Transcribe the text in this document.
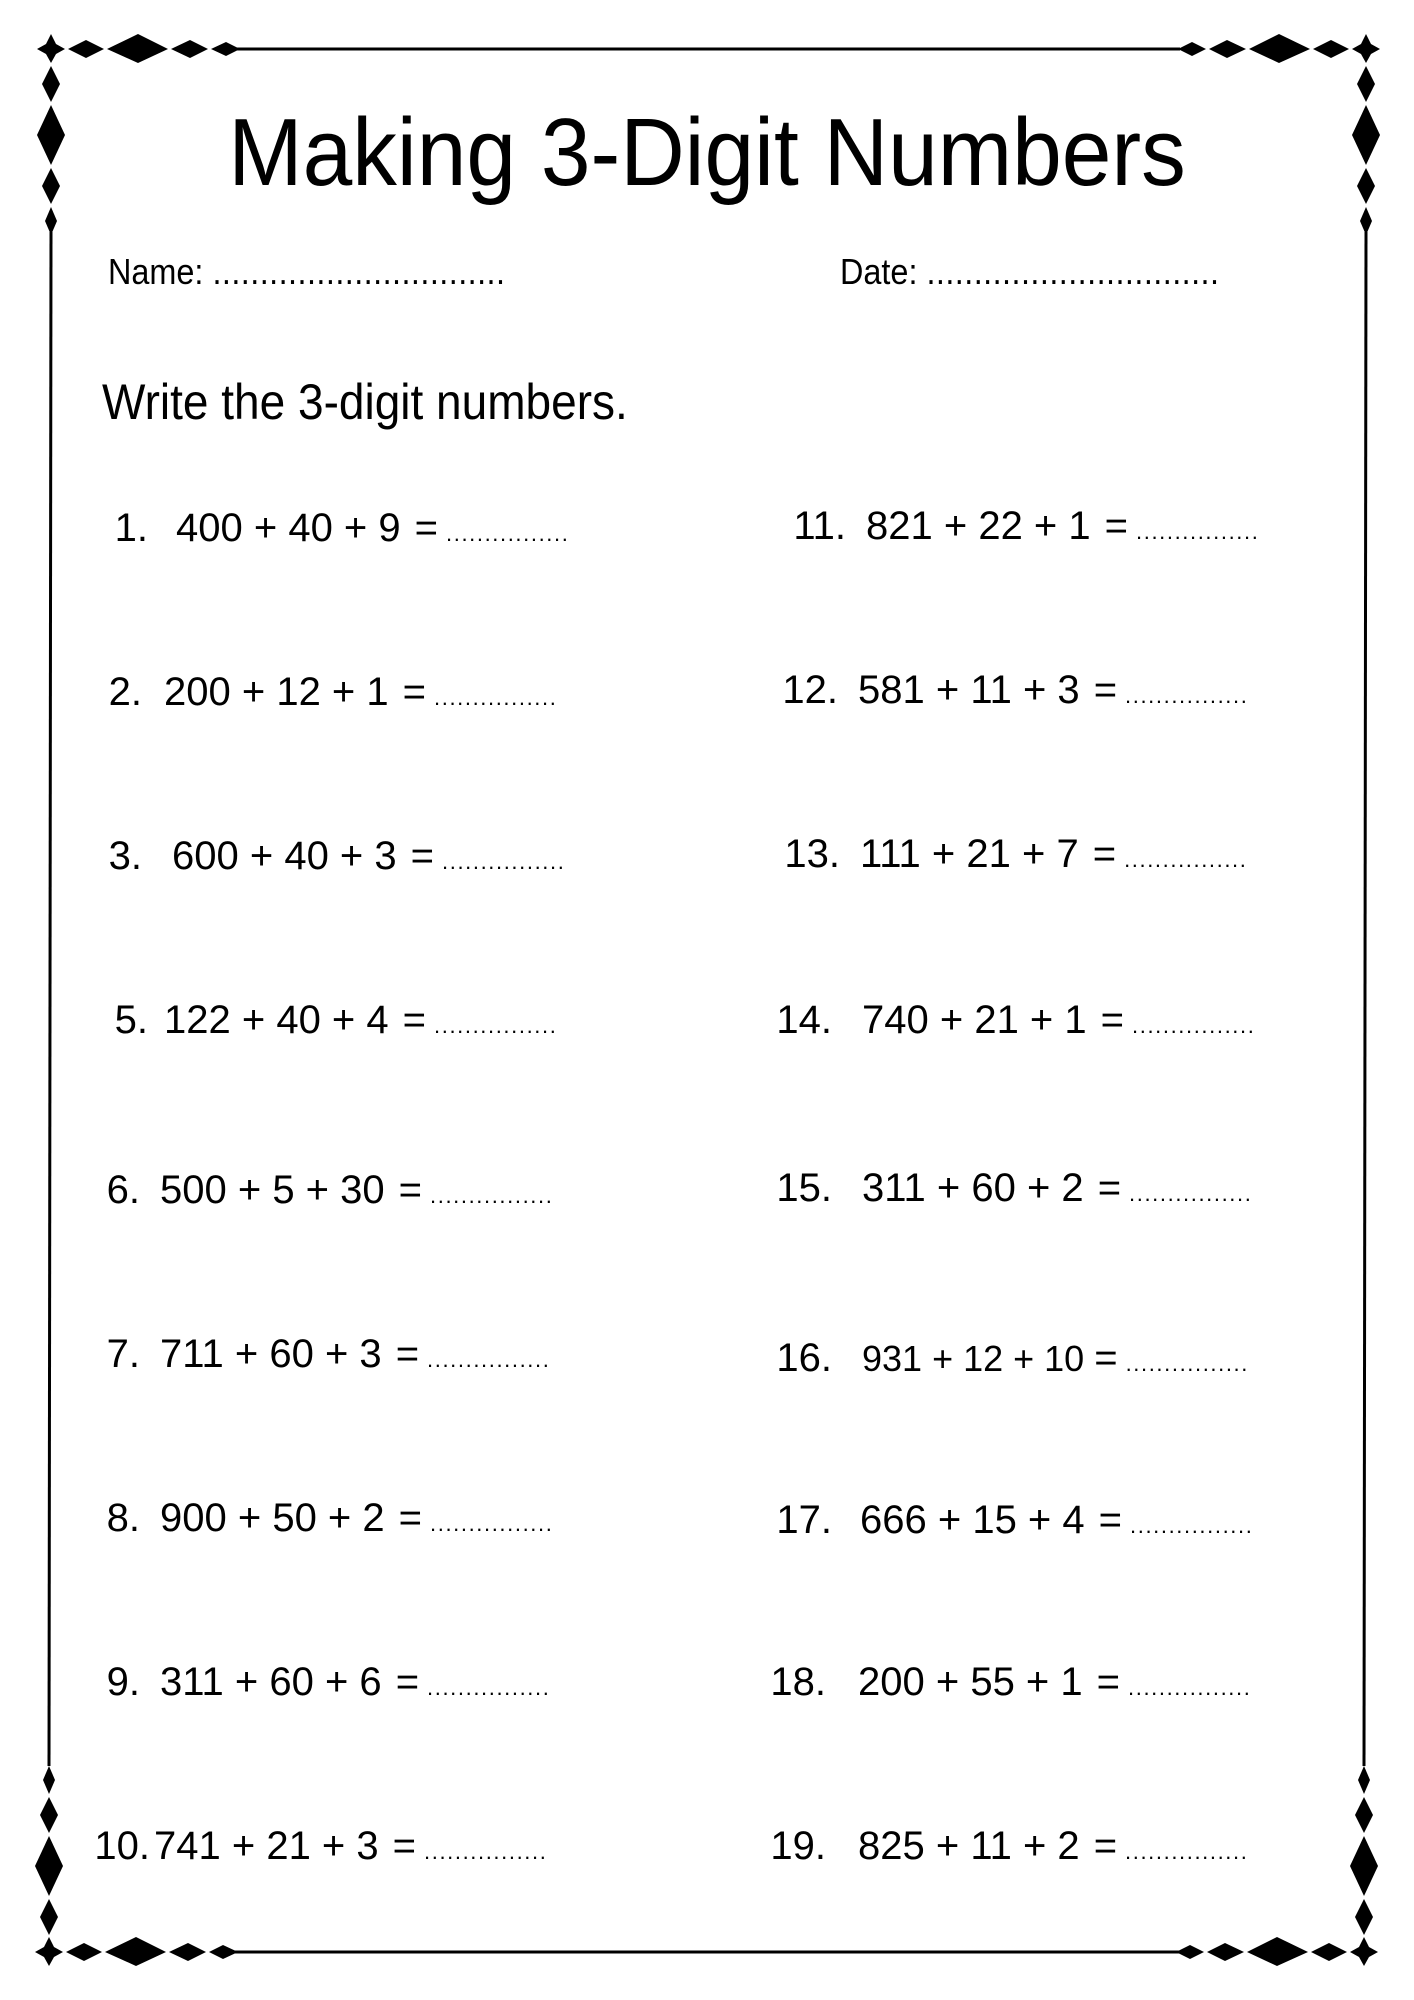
Making 3-Digit Numbers
Name: ...............................	Date: ...............................
Write the 3-digit numbers.
1. 400 + 40 + 9 = ................
2. 200 + 12 + 1 = ................
3. 600 + 40 + 3 = ................
5. 122 + 40 + 4 = ................
6. 500 + 5 + 30 = ................
7. 711 + 60 + 3 = ................
8. 900 + 50 + 2 = ................
9. 311 + 60 + 6 = ................
10. 741 + 21 + 3 = ................
11. 821 + 22 + 1 = ................
12. 581 + 11 + 3 = ................
13. 111 + 21 + 7 = ................
14. 740 + 21 + 1 = ................
15. 311 + 60 + 2 = ................
16. 931 + 12 + 10 = ................
17. 666 + 15 + 4 = ................
18. 200 + 55 + 1 = ................
19. 825 + 11 + 2 = ................
